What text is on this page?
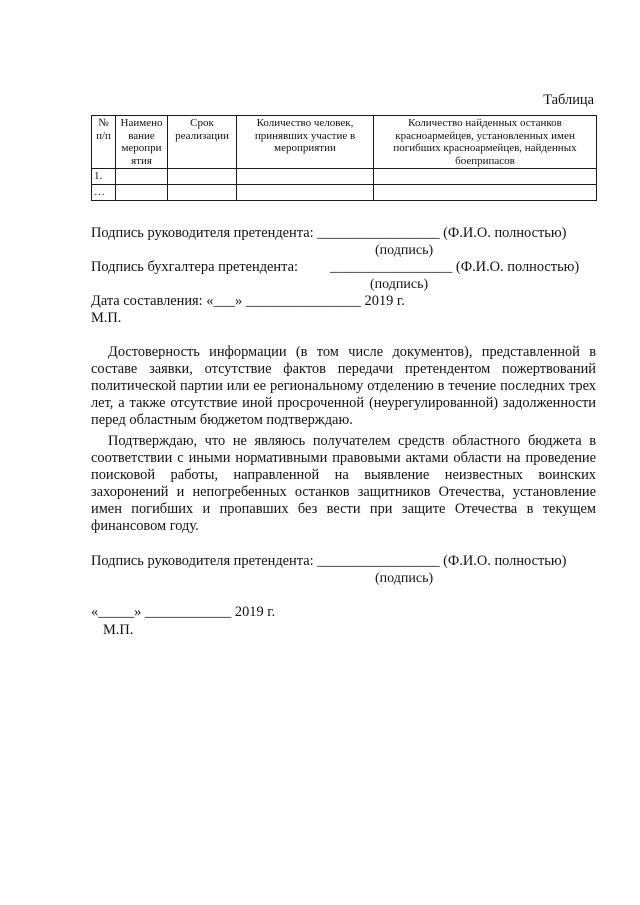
Таблица
№ п/п	Наимено вание меропри ятия	Срок реализации	Количество человек, принявших участие в мероприятии	Количество найденных останков красноармейцев, установленных имен погибших красноармейцев, найденных боеприпасов
1.				
…				
Подпись руководителя претендента: _________________ (Ф.И.О. полностью)
(подпись)
Подпись бухгалтера претендента: _________________ (Ф.И.О. полностью)
(подпись)
Дата составления: «___» ________________ 2019 г.
М.П.
Достоверность информации (в том числе документов), представленной в составе заявки, отсутствие фактов передачи претендентом пожертвований политической партии или ее региональному отделению в течение последних трех лет, а также отсутствие иной просроченной (неурегулированной) задолженности перед областным бюджетом подтверждаю.
Подтверждаю, что не являюсь получателем средств областного бюджета в соответствии с иными нормативными правовыми актами области на проведение поисковой работы, направленной на выявление неизвестных воинских захоронений и непогребенных останков защитников Отечества, установление имен погибших и пропавших без вести при защите Отечества в текущем финансовом году.
Подпись руководителя претендента: _________________ (Ф.И.О. полностью)
(подпись)
«_____» ____________ 2019 г.
М.П.
